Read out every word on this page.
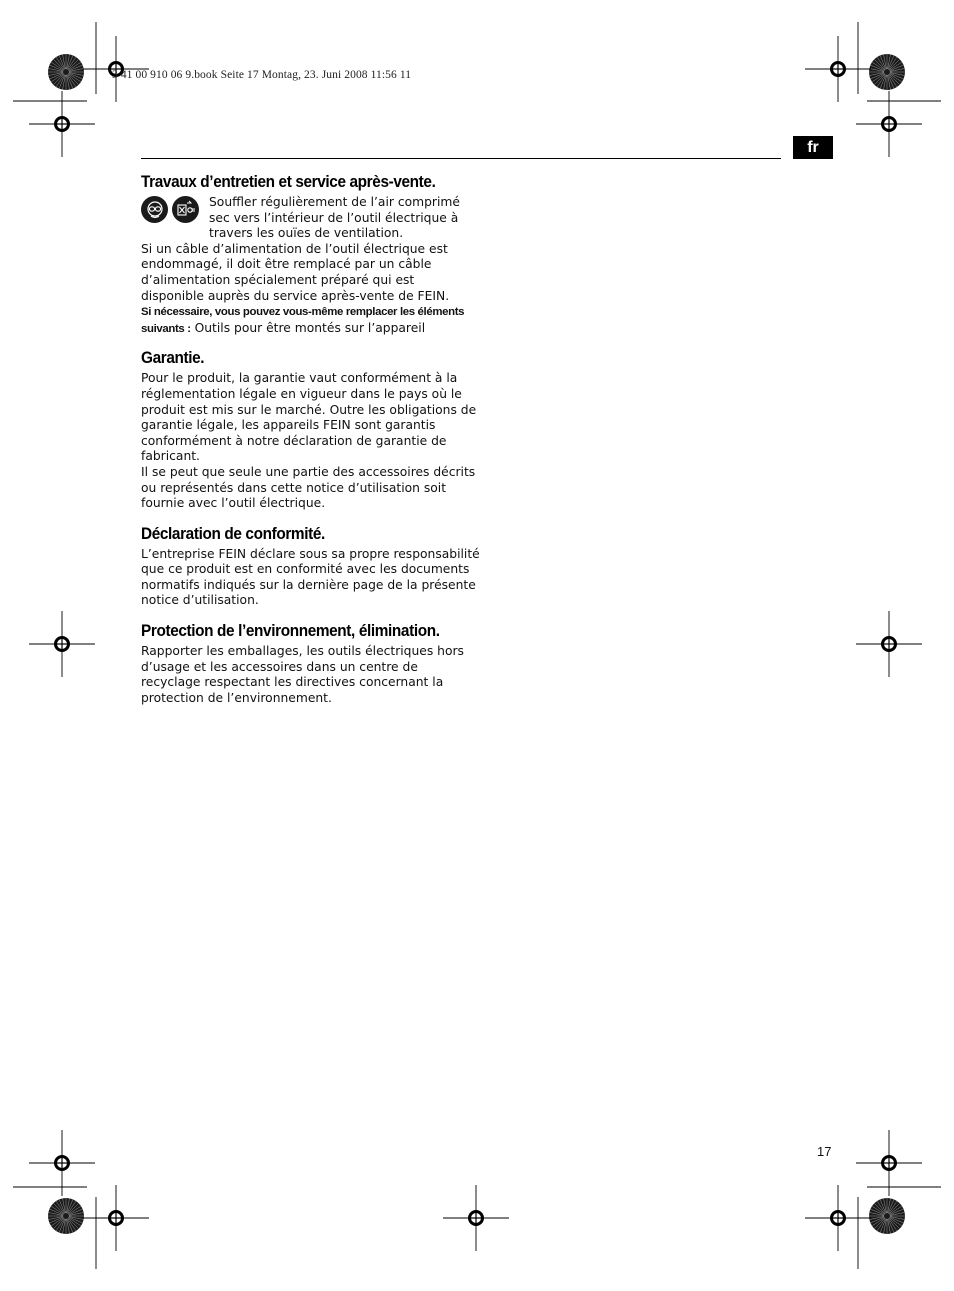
3 41 00 910 06 9.book Seite 17 Montag, 23. Juni 2008 11:56 11
fr
Travaux d’entretien et service après-vente.

Souffler régulièrement de l’air comprimé sec vers l’intérieur de l’outil électrique à travers les ouïes de ventilation.

Si un câble d’alimentation de l’outil électrique est endommagé, il doit être remplacé par un câble d’alimentation spécialement préparé qui est disponible auprès du service après-vente de FEIN.

Si nécessaire, vous pouvez vous-même remplacer les éléments suivants : Outils pour être montés sur l’appareil

Garantie.

Pour le produit, la garantie vaut conformément à la réglementation légale en vigueur dans le pays où le produit est mis sur le marché. Outre les obligations de garantie légale, les appareils FEIN sont garantis conformément à notre déclaration de garantie de fabricant.

Il se peut que seule une partie des accessoires décrits ou représentés dans cette notice d’utilisation soit fournie avec l’outil électrique.

Déclaration de conformité.

L’entreprise FEIN déclare sous sa propre responsabilité que ce produit est en conformité avec les documents normatifs indiqués sur la dernière page de la présente notice d’utilisation.

Protection de l’environnement, élimination.

Rapporter les emballages, les outils électriques hors d’usage et les accessoires dans un centre de recyclage respectant les directives concernant la protection de l’environnement.

17
